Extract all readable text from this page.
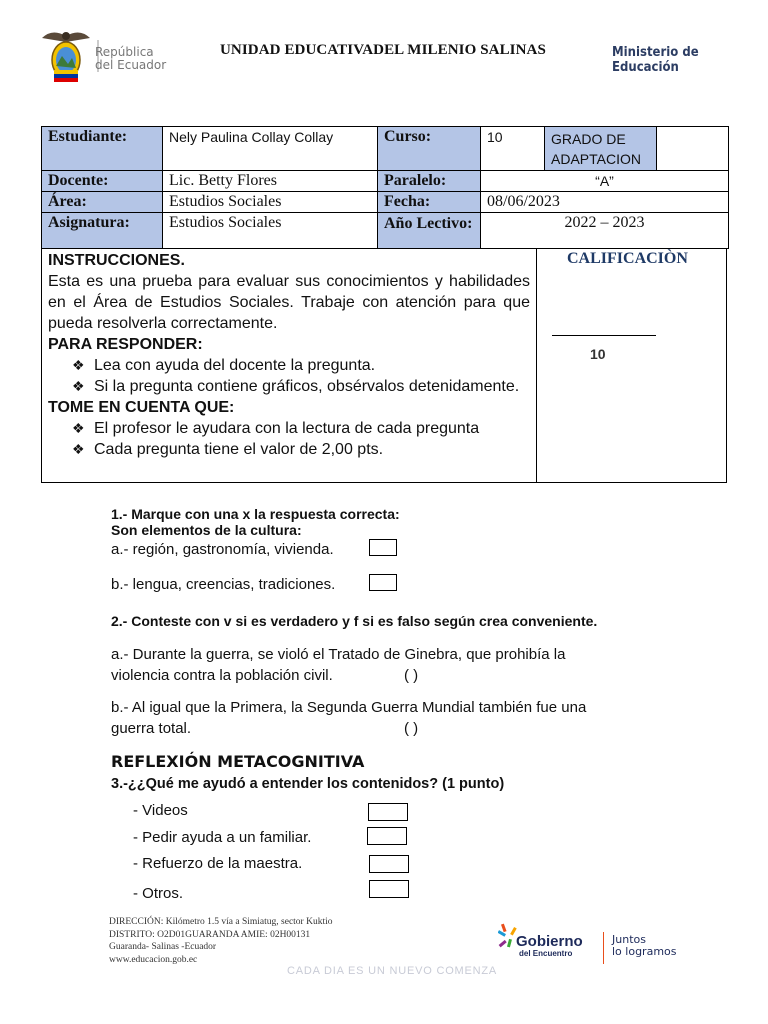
República
del Ecuador
UNIDAD EDUCATIVADEL MILENIO SALINAS	Ministerio de Educación
Estudiante:	Nely Paulina Collay Collay	Curso:	10	GRADO DE ADAPTACION	
Docente:	Lic. Betty Flores	Paralelo:	“A”		
Área:	Estudios Sociales	Fecha:	08/06/2023		
Asignatura:	Estudios Sociales	Año Lectivo:	2022 – 2023		
INSTRUCCIONES.
Esta es una prueba para evaluar sus conocimientos y habilidades en el Área de Estudios Sociales. Trabaje con atención para que pueda resolverla correctamente.
PARA RESPONDER:
❖ Lea con ayuda del docente la pregunta.
❖ Si la pregunta contiene gráficos, obsérvalos detenidamente.
TOME EN CUENTA QUE:
❖ El profesor le ayudara con la lectura de cada pregunta
❖ Cada pregunta tiene el valor de 2,00 pts.
CALIFICACIÒN
10
1.- Marque con una x la respuesta correcta:
Son elementos de la cultura:
a.- región, gastronomía, vivienda.
b.- lengua, creencias, tradiciones.
2.- Conteste con v si es verdadero y f si es falso según crea conveniente.
a.- Durante la guerra, se violó el Tratado de Ginebra, que prohibía la
violencia contra la población civil.	( )
b.- Al igual que la Primera, la Segunda Guerra Mundial también fue una
guerra total.	( )
REFLEXIÓN METACOGNITIVA
3.-¿¿Qué me ayudó a entender los contenidos? (1 punto)
- Videos
- Pedir ayuda a un familiar.
- Refuerzo de la maestra.
- Otros.
DIRECCIÓN: Kilómetro 1.5 vía a Simiatug, sector Kuktio
DISTRITO: O2D01GUARANDA AMIE: 02H00131
Guaranda- Salinas -Ecuador
www.educacion.gob.ec
Gobierno
del Encuentro
Juntos
lo logramos
CADA DIA ES UN NUEVO COMENZA
